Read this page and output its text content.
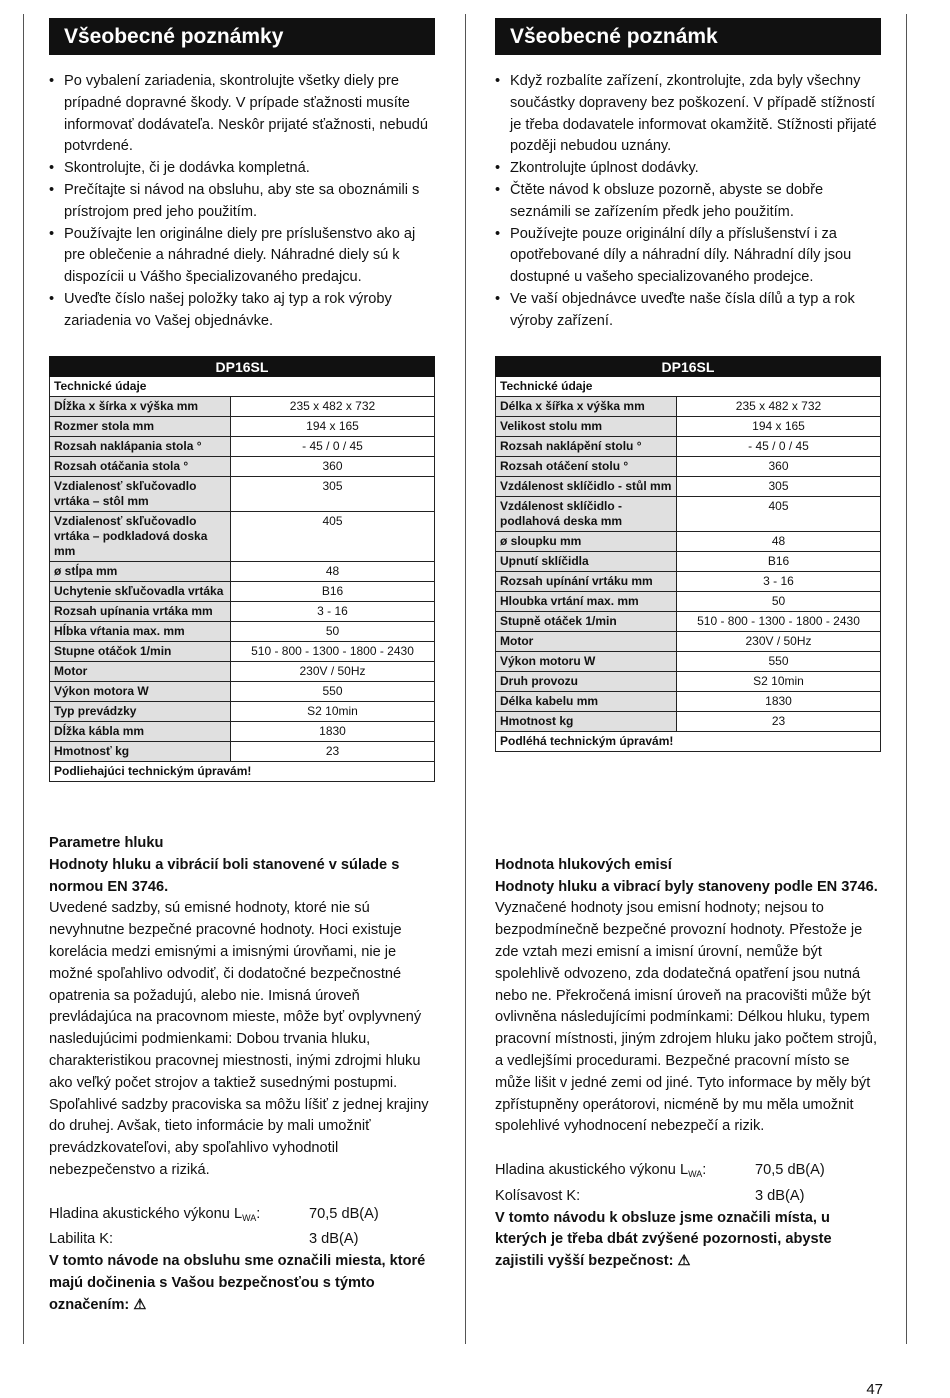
Všeobecné poznámky
• Po vybalení zariadenia, skontrolujte všetky diely pre prípadné dopravné škody. V prípade sťažnosti musíte informovať dodávateľa. Neskôr prijaté sťažnosti, nebudú potvrdené.
• Skontrolujte, či je dodávka kompletná.
• Prečítajte si návod na obsluhu, aby ste sa oboznámili s prístrojom pred jeho použitím.
• Používajte len originálne diely pre príslušenstvo ako aj pre oblečenie a náhradné diely. Náhradné diely sú k dispozícii u Vášho špecializovaného predajcu.
• Uveďte číslo našej položky tako aj typ a rok výroby zariadenia vo Vašej objednávke.
DP16SL	
Technické údaje	
Dĺžka x šírka x výška mm	235 x 482 x 732
Rozmer stola mm	194 x 165
Rozsah naklápania stola °	- 45 / 0 / 45
Rozsah otáčania stola °	360
Vzdialenosť skľučovadlo vrtáka – stôl mm	305
Vzdialenosť skľučovadlo vrtáka – podkladová doska mm	405
ø stĺpa mm	48
Uchytenie skľučovadla vrtáka	B16
Rozsah upínania vrtáka mm	3 - 16
Hĺbka vŕtania max. mm	50
Stupne otáčok 1/min	510 - 800 - 1300 - 1800 - 2430
Motor	230V / 50Hz
Výkon motora W	550
Typ prevádzky	S2 10min
Dĺžka kábla mm	1830
Hmotnosť kg	23
Podliehajúci technickým úpravám!	

Parametre hluku

Hodnoty hluku a vibrácií boli stanovené v súlade s normou EN 3746.

Uvedené sadzby, sú emisné hodnoty, ktoré nie sú nevyhnutne bezpečné pracovné hodnoty. Hoci existuje korelácia medzi emisnými a imisnými úrovňami, nie je možné spoľahlivo odvodiť, či dodatočné bezpečnostné opatrenia sa požadujú, alebo nie. Imisná úroveň prevládajúca na pracovnom mieste, môže byť ovplyvnený nasledujúcimi podmienkami: Dobou trvania hluku, charakteristikou pracovnej miestnosti, inými zdrojmi hluku ako veľký počet strojov a taktiež susednými postupmi. Spoľahlivé sadzby pracoviska sa môžu líšiť z jednej krajiny do druhej. Avšak, tieto informácie by mali umožniť prevádzkovateľovi, aby spoľahlivo vyhodnotil nebezpečenstvo a riziká.

Hladina akustického výkonu $L_{WA}$:	70,5 dB(A)
Labilita K:	3 dB(A)

V tomto návode na obsluhu sme označili miesta, ktoré majú dočinenia s Vašou bezpečnosťou s týmto označením: ⚠

Všeobecné poznámk
• Když rozbalíte zařízení, zkontrolujte, zda byly všechny součástky dopraveny bez poškození. V případě stížností je třeba dodavatele informovat okamžitě. Stížnosti přijaté později nebudou uznány.
• Zkontrolujte úplnost dodávky.
• Čtěte návod k obsluze pozorně, abyste se dobře seznámili se zařízením předk jeho použitím.
• Používejte pouze originální díly a příslušenství i za opotřebované díly a náhradní díly. Náhradní díly jsou dostupné u vašeho specializovaného prodejce.
• Ve vaší objednávce uveďte naše čísla dílů a typ a rok výroby zařízení.
DP16SL	
Technické údaje	
Délka x šířka x výška mm	235 x 482 x 732
Velikost stolu mm	194 x 165
Rozsah naklápění stolu °	- 45 / 0 / 45
Rozsah otáčení stolu °	360
Vzdálenost sklíčidlo - stůl mm	305
Vzdálenost sklíčidlo - podlahová deska mm	405
ø sloupku mm	48
Upnutí sklíčidla	B16
Rozsah upínání vrtáku mm	3 - 16
Hloubka vrtání max. mm	50
Stupně otáček 1/min	510 - 800 - 1300 - 1800 - 2430
Motor	230V / 50Hz
Výkon motoru W	550
Druh provozu	S2 10min
Délka kabelu mm	1830
Hmotnost kg	23
Podléhá technickým úpravám!	

Hodnota hlukových emisí

Hodnoty hluku a vibrací byly stanoveny podle EN 3746.

Vyznačené hodnoty jsou emisní hodnoty; nejsou to bezpodmínečně bezpečné provozní hodnoty. Přestože je zde vztah mezi emisní a imisní úrovní, nemůže být spolehlivě odvozeno, zda dodatečná opatření jsou nutná nebo ne. Překročená imisní úroveň na pracovišti může být ovlivněna následujícími podmínkami: Délkou hluku, typem pracovní místnosti, jiným zdrojem hluku jako počtem strojů, a vedlejšími procedurami. Bezpečné pracovní místo se může lišit v jedné zemi od jiné. Tyto informace by měly být zpřístupněny operátorovi, nicméně by mu měla umožnit spolehlivé vyhodnocení nebezpečí a rizik.

Hladina akustického výkonu $L_{WA}$:	70,5 dB(A)
Kolísavost K:	3 dB(A)

V tomto návodu k obsluze jsme označili místa, u kterých je třeba dbát zvýšené pozornosti, abyste zajistili vyšší bezpečnost: ⚠

47
